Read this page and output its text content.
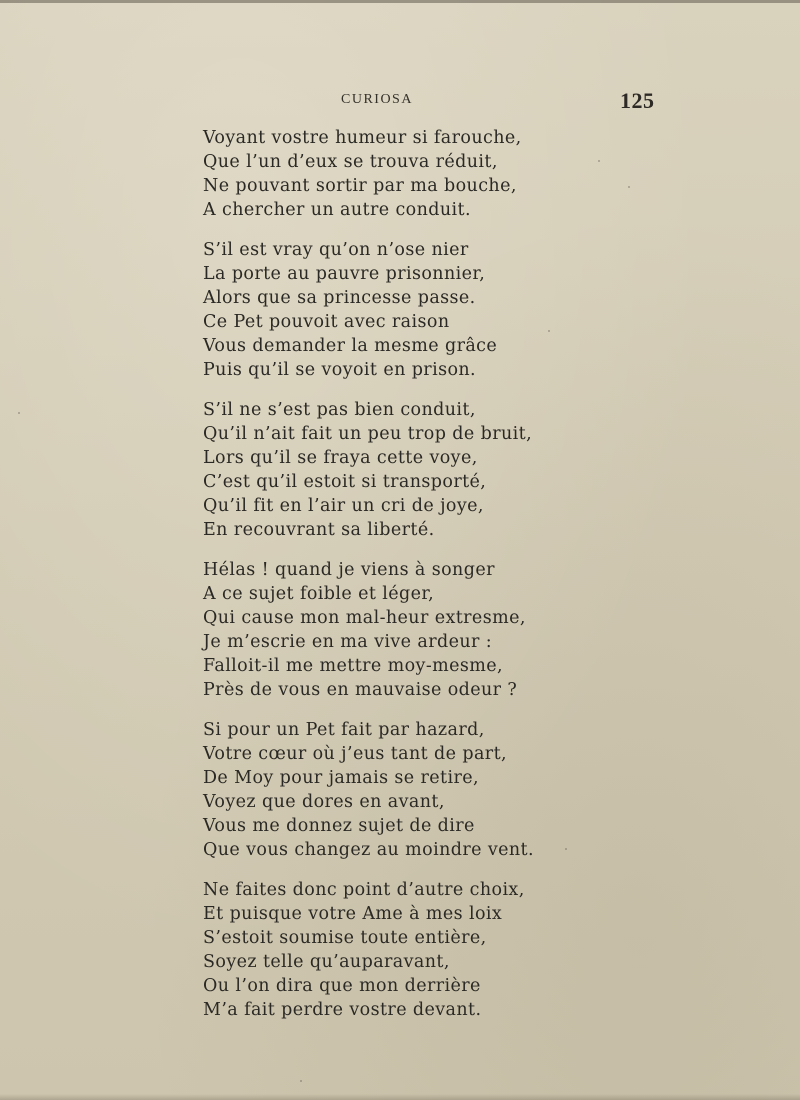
CURIOSA	125
Voyant vostre humeur si farouche,
Que l’un d’eux se trouva réduit,
Ne pouvant sortir par ma bouche,
A chercher un autre conduit.
S’il est vray qu’on n’ose nier
La porte au pauvre prisonnier,
Alors que sa princesse passe.
Ce Pet pouvoit avec raison
Vous demander la mesme grâce
Puis qu’il se voyoit en prison.
S’il ne s’est pas bien conduit,
Qu’il n’ait fait un peu trop de bruit,
Lors qu’il se fraya cette voye,
C’est qu’il estoit si transporté,
Qu’il fit en l’air un cri de joye,
En recouvrant sa liberté.
Hélas ! quand je viens à songer
A ce sujet foible et léger,
Qui cause mon mal-heur extresme,
Je m’escrie en ma vive ardeur :
Falloit-il me mettre moy-mesme,
Près de vous en mauvaise odeur ?
Si pour un Pet fait par hazard,
Votre cœur où j’eus tant de part,
De Moy pour jamais se retire,
Voyez que dores en avant,
Vous me donnez sujet de dire
Que vous changez au moindre vent.
Ne faites donc point d’autre choix,
Et puisque votre Ame à mes loix
S’estoit soumise toute entière,
Soyez telle qu’auparavant,
Ou l’on dira que mon derrière
M’a fait perdre vostre devant.
